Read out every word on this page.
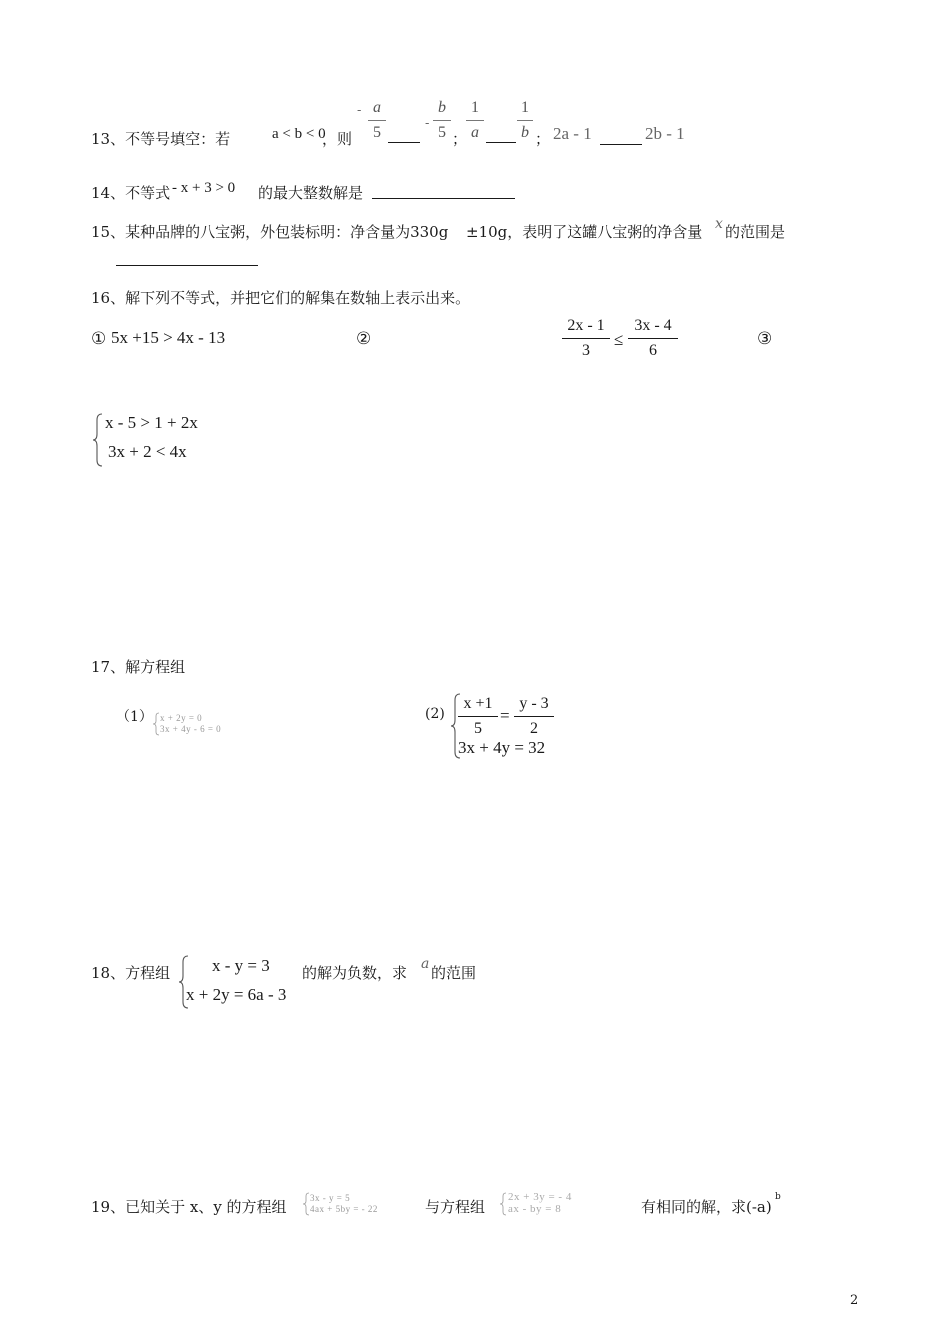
13、不等号填空：若	a < b < 0
，则
- a
5
-
b
5 ；
1
a
1
b ； 2a - 1	2b - 1
14、不等式 - x + 3 > 0 的最大整数解是
15、某种品牌的八宝粥，外包装标明：净含量为330g ±10g，表明了这罐八宝粥的净含量 x 的范围是
16、解下列不等式，并把它们的解集在数轴上表示出来。
① 5x +15 > 4x - 13	②
2x - 1
3
≤
3x - 4
6
③
x - 5 > 1 + 2x
3x + 2 < 4x
17、解方程组
（1） x + 2y = 0
3x + 4y - 6 = 0
(2)
x +1
5
=
y - 3
2
3x + 4y = 32
18、方程组 x - y = 3
x + 2y = 6a - 3
的解为负数，求 a 的范围
19、已知关于 x、y 的方程组	3x - y = 5
4ax + 5by = - 22	与方程组
2x + 3y = - 4
ax - by = 8	有相同的解，求(-a)
b
2
